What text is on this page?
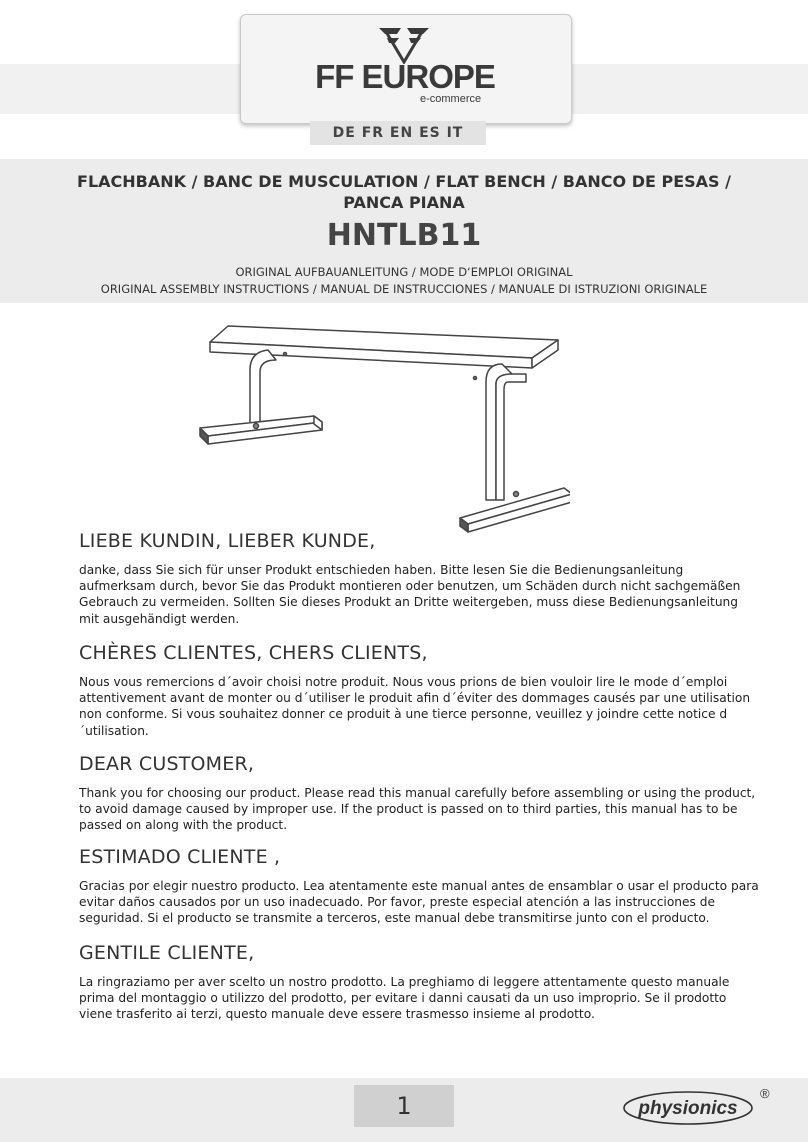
FF EUROPE
e-commerce
DE FR EN ES IT
FLACHBANK / BANC DE MUSCULATION / FLAT BENCH / BANCO DE PESAS /
PANCA PIANA
HNTLB11
ORIGINAL AUFBAUANLEITUNG / MODE D‘EMPLOI ORIGINAL
ORIGINAL ASSEMBLY INSTRUCTIONS / MANUAL DE INSTRUCCIONES / MANUALE DI ISTRUZIONI ORIGINALE
LIEBE KUNDIN, LIEBER KUNDE,

danke, dass Sie sich für unser Produkt entschieden haben. Bitte lesen Sie die Bedienungsanleitung aufmerksam durch, bevor Sie das Produkt montieren oder benutzen, um Schäden durch nicht sachgemäßen Gebrauch zu vermeiden. Sollten Sie dieses Produkt an Dritte weitergeben, muss diese Bedienungsanleitung mit ausgehändigt werden.

CHÈRES CLIENTES, CHERS CLIENTS,

Nous vous remercions d´avoir choisi notre produit. Nous vous prions de bien vouloir lire le mode d´emploi attentivement avant de monter ou d´utiliser le produit afin d´éviter des dommages causés par une utilisation non conforme. Si vous souhaitez donner ce produit à une tierce personne, veuillez y joindre cette notice d´utilisation.

DEAR CUSTOMER,

Thank you for choosing our product. Please read this manual carefully before assembling or using the product, to avoid damage caused by improper use. If the product is passed on to third parties, this manual has to be passed on along with the product.

ESTIMADO CLIENTE ,

Gracias por elegir nuestro producto. Lea atentamente este manual antes de ensamblar o usar el producto para evitar daños causados por un uso inadecuado. Por favor, preste especial atención a las instrucciones de seguridad. Si el producto se transmite a terceros, este manual debe transmitirse junto con el producto.

GENTILE CLIENTE,

La ringraziamo per aver scelto un nostro prodotto. La preghiamo di leggere attentamente questo manuale prima del montaggio o utilizzo del prodotto, per evitare i danni causati da un uso improprio. Se il prodotto viene trasferito ai terzi, questo manuale deve essere trasmesso insieme al prodotto.

1	physionics
®
